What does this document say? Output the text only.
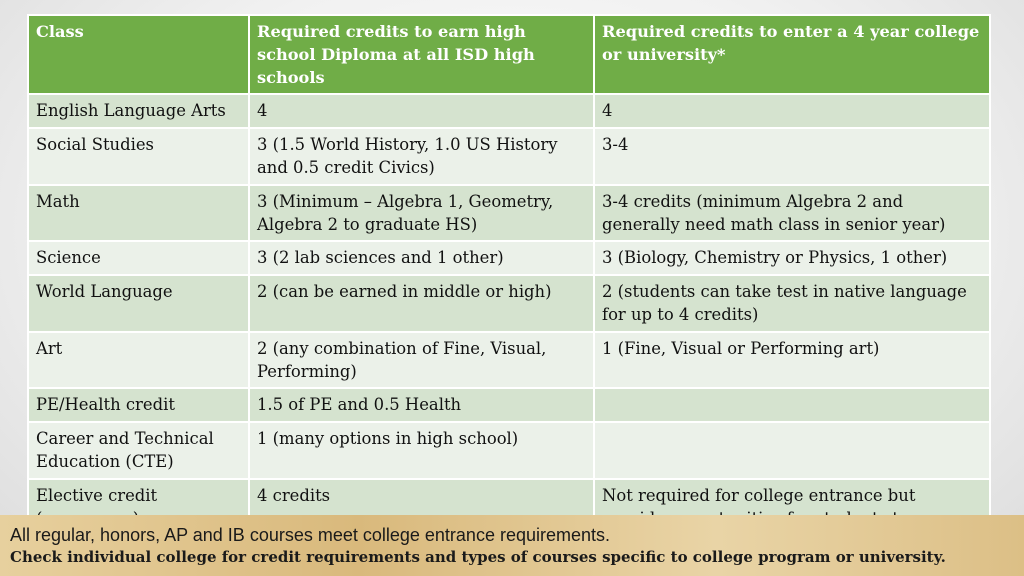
Class	Required credits to earn high school Diploma at all ISD high schools	Required credits to enter a 4 year college or university*

English Language Arts	4	4

Social Studies	3 (1.5 World History, 1.0 US History
and 0.5 credit Civics)	3-4

Math	3 (Minimum – Algebra 1, Geometry,
Algebra 2 to graduate HS)	3-4 credits (minimum Algebra 2 and
generally need math class in senior year)

Science	3 (2 lab sciences and 1 other)	3 (Biology, Chemistry or Physics, 1 other)

World Language	2 (can be earned in middle or high)	2 (students can take test in native language
for up to 4 credits)

Art	2 (any combination of Fine, Visual,
Performing)	1 (Fine, Visual or Performing art)

PE/Health credit	1.5 of PE and 0.5 Health	

Career and Technical
Education (CTE)	1 (many options in high school)	

Elective credit	4 credits	Not required for college entrance but
All regular, honors, AP and IB courses meet college entrance requirements.
Check individual college for credit requirements and types of courses specific to college program or university.
